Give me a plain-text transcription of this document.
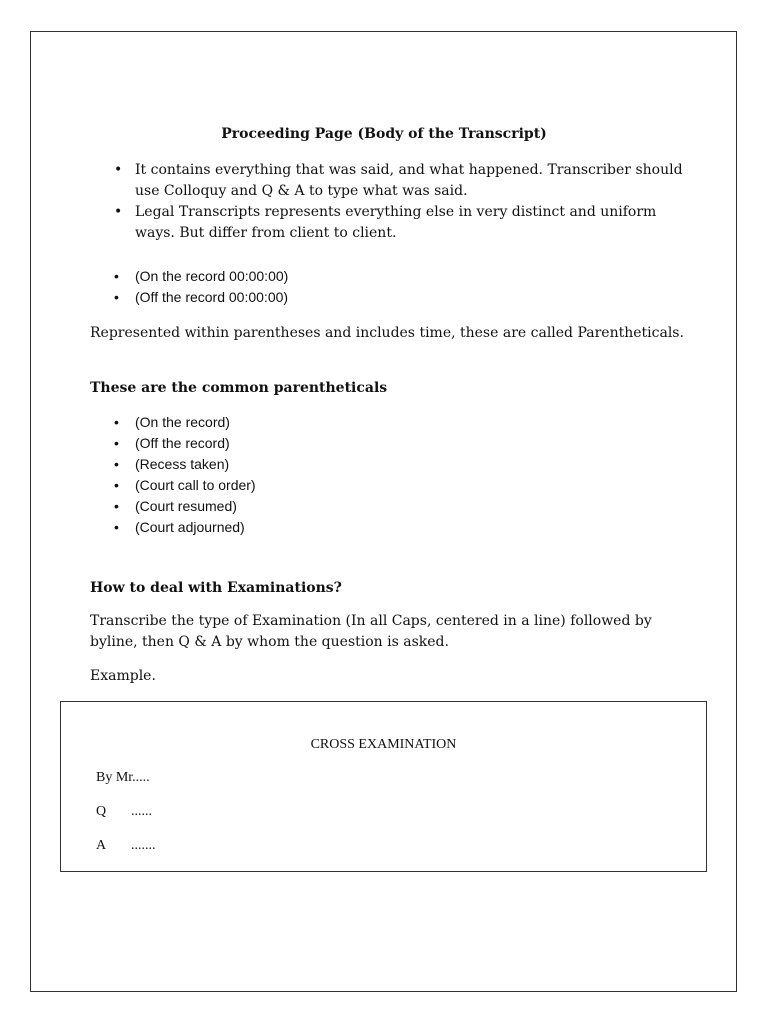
Proceeding Page (Body of the Transcript)
• It contains everything that was said, and what happened. Transcriber should use Colloquy and Q & A to type what was said.
• Legal Transcripts represents everything else in very distinct and uniform ways. But differ from client to client.
• (On the record 00:00:00)
• (Off the record 00:00:00)

Represented within parentheses and includes time, these are called Parentheticals.

These are the common parentheticals

• (On the record)
• (Off the record)
• (Recess taken)
• (Court call to order)
• (Court resumed)
• (Court adjourned)

How to deal with Examinations?

Transcribe the type of Examination (In all Caps, centered in a line) followed by byline, then Q & A by whom the question is asked.

Example.

CROSS EXAMINATION
By Mr.....
Q ......
A .......
